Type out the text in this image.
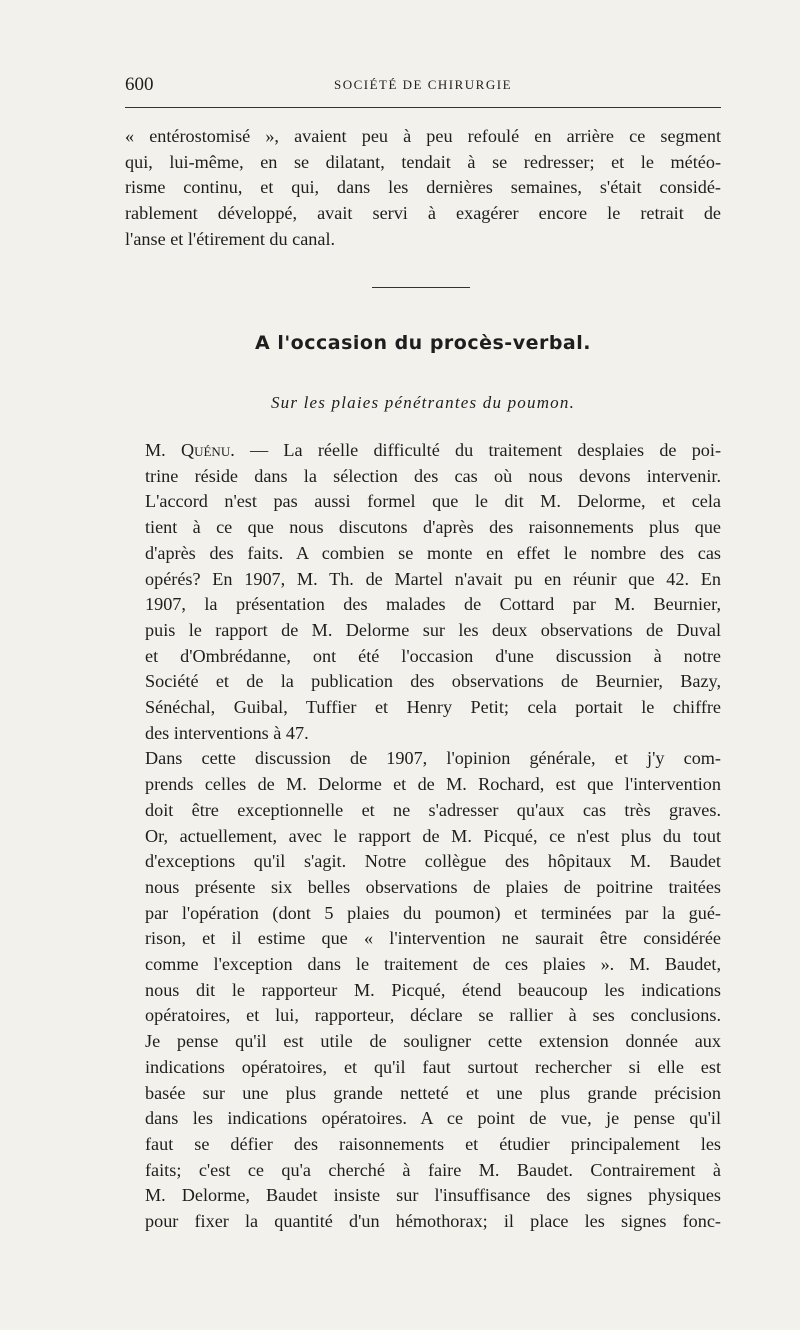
600	SOCIÉTÉ DE CHIRURGIE

« entérostomisé », avaient peu à peu refoulé en arrière ce segment
qui, lui-même, en se dilatant, tendait à se redresser; et le météo-
risme continu, et qui, dans les dernières semaines, s'était considé-
rablement développé, avait servi à exagérer encore le retrait de
l'anse et l'étirement du canal.

A l'occasion du procès-verbal.
Sur les plaies pénétrantes du poumon.

M. Quénu. — La réelle difficulté du traitement desplaies de poi-
trine réside dans la sélection des cas où nous devons intervenir.
L'accord n'est pas aussi formel que le dit M. Delorme, et cela
tient à ce que nous discutons d'après des raisonnements plus que
d'après des faits. A combien se monte en effet le nombre des cas
opérés? En 1907, M. Th. de Martel n'avait pu en réunir que 42. En
1907, la présentation des malades de Cottard par M. Beurnier,
puis le rapport de M. Delorme sur les deux observations de Duval
et d'Ombrédanne, ont été l'occasion d'une discussion à notre
Société et de la publication des observations de Beurnier, Bazy,
Sénéchal, Guibal, Tuffier et Henry Petit; cela portait le chiffre
des interventions à 47.

Dans cette discussion de 1907, l'opinion générale, et j'y com-
prends celles de M. Delorme et de M. Rochard, est que l'intervention
doit être exceptionnelle et ne s'adresser qu'aux cas très graves.
Or, actuellement, avec le rapport de M. Picqué, ce n'est plus du tout
d'exceptions qu'il s'agit. Notre collègue des hôpitaux M. Baudet
nous présente six belles observations de plaies de poitrine traitées
par l'opération (dont 5 plaies du poumon) et terminées par la gué-
rison, et il estime que « l'intervention ne saurait être considérée
comme l'exception dans le traitement de ces plaies ». M. Baudet,
nous dit le rapporteur M. Picqué, étend beaucoup les indications
opératoires, et lui, rapporteur, déclare se rallier à ses conclusions.

Je pense qu'il est utile de souligner cette extension donnée aux
indications opératoires, et qu'il faut surtout rechercher si elle est
basée sur une plus grande netteté et une plus grande précision
dans les indications opératoires. A ce point de vue, je pense qu'il
faut se défier des raisonnements et étudier principalement les
faits; c'est ce qu'a cherché à faire M. Baudet. Contrairement à
M. Delorme, Baudet insiste sur l'insuffisance des signes physiques
pour fixer la quantité d'un hémothorax; il place les signes fonc-
